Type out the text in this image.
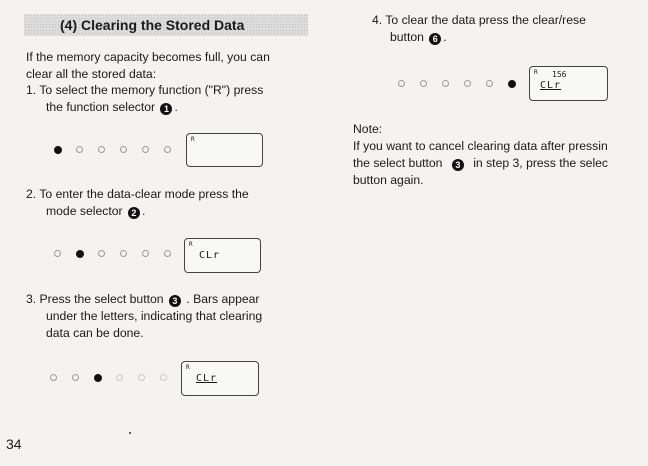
(4) Clearing the Stored Data
If the memory capacity becomes full, you can
clear all the stored data:
1. To select the memory function ("R") press
the function selector 1 .
R
2. To enter the data-clear mode press the
mode selector 2 .
R
CLr
3. Press the select button 3 . Bars appear
under the letters, indicating that clearing
data can be done.
R
CLr
34
4. To clear the data press the clear/rese
button 6 .
R 156
CLr
Note:
If you want to cancel clearing data after pressin
the select button 3 in step 3, press the selec
button again.
